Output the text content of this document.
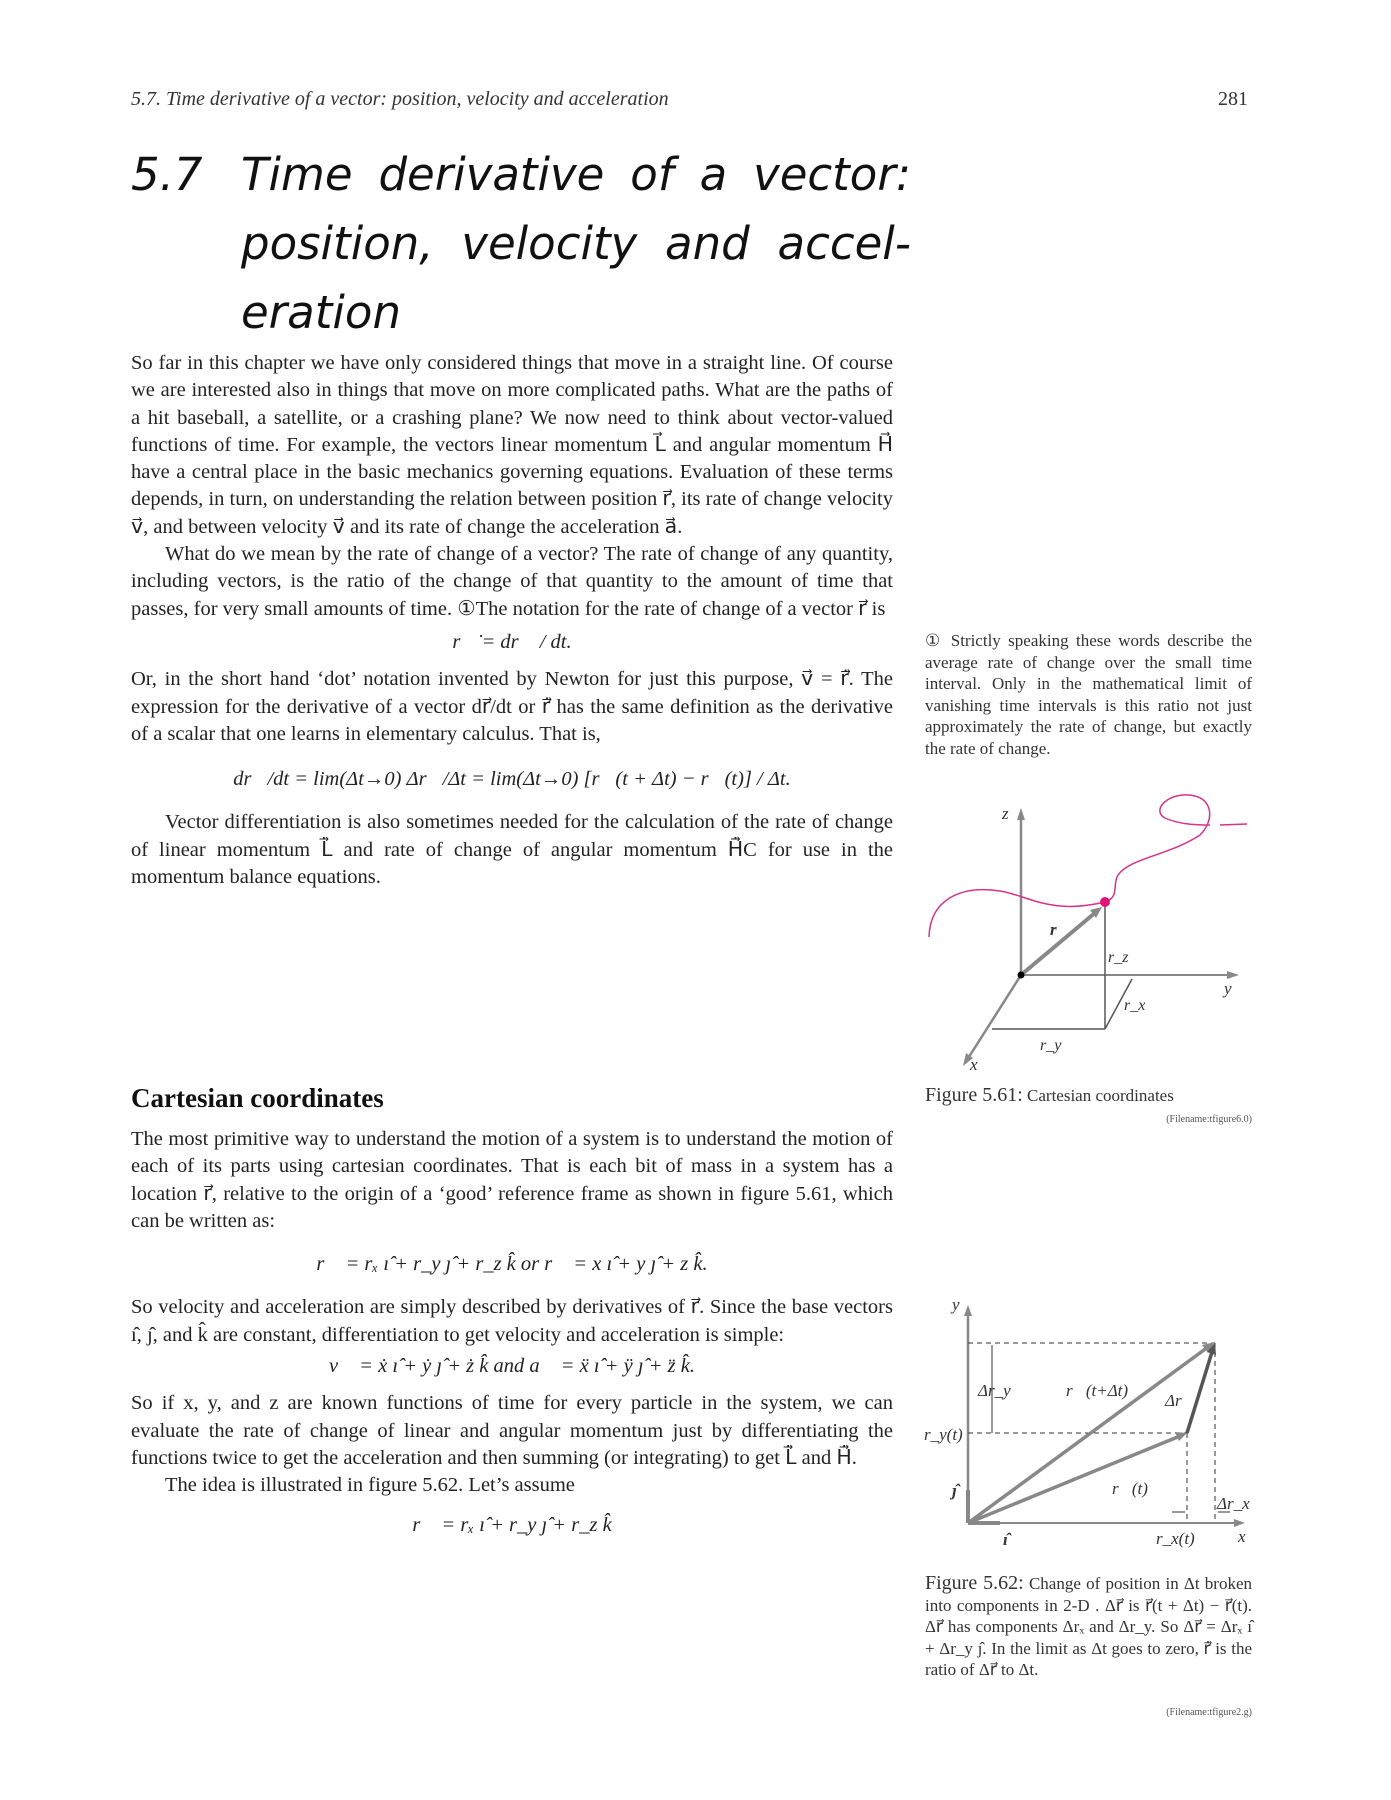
5.7. Time derivative of a vector: position, velocity and acceleration	281
5.7 Time derivative of a vector: position, velocity and accel-eration

So far in this chapter we have only considered things that move in a straight line. Of course we are interested also in things that move on more complicated paths. What are the paths of a hit baseball, a satellite, or a crashing plane? We now need to think about vector-valued functions of time. For example, the vectors linear momentum L⃗ and angular momentum H⃗ have a central place in the basic mechanics governing equations. Evaluation of these terms depends, in turn, on understanding the relation between position r⃗, its rate of change velocity v⃗, and between velocity v⃗ and its rate of change the acceleration a⃗.

What do we mean by the rate of change of a vector? The rate of change of any quantity, including vectors, is the ratio of the change of that quantity to the amount of time that passes, for very small amounts of time. ①The notation for the rate of change of a vector r⃗ is

r⃗̇ = dr⃗ / dt.

Or, in the short hand ‘dot’ notation invented by Newton for just this purpose, v⃗ = r⃗̇. The expression for the derivative of a vector dr⃗/dt or r⃗̇ has the same definition as the derivative of a scalar that one learns in elementary calculus. That is,

dr⃗/dt = lim(Δt→0) Δr⃗/Δt = lim(Δt→0) [r⃗(t + Δt) − r⃗(t)] / Δt.

Vector differentiation is also sometimes needed for the calculation of the rate of change of linear momentum L⃗̇ and rate of change of angular momentum H⃗̇C for use in the momentum balance equations.

Cartesian coordinates

The most primitive way to understand the motion of a system is to understand the motion of each of its parts using cartesian coordinates. That is each bit of mass in a system has a location r⃗, relative to the origin of a ‘good’ reference frame as shown in figure 5.61, which can be written as:

r⃗ = rₓ ı̂ + r_y ȷ̂ + r_z k̂ or r⃗ = x ı̂ + y ȷ̂ + z k̂.

So velocity and acceleration are simply described by derivatives of r⃗. Since the base vectors ı̂, ȷ̂, and k̂ are constant, differentiation to get velocity and acceleration is simple:

v⃗ = ẋ ı̂ + ẏ ȷ̂ + ż k̂ and a⃗ = ẍ ı̂ + ÿ ȷ̂ + z̈ k̂.

So if x, y, and z are known functions of time for every particle in the system, we can evaluate the rate of change of linear and angular momentum just by differentiating the functions twice to get the acceleration and then summing (or integrating) to get L⃗̇ and H⃗̇.

The idea is illustrated in figure 5.62. Let’s assume

r⃗ = rₓ ı̂ + r_y ȷ̂ + r_z k̂

① Strictly speaking these words describe the average rate of change over the small time interval. Only in the mathematical limit of vanishing time intervals is this ratio not just approximately the rate of change, but exactly the rate of change.
z
y
x
r⃗
r_z
r_x
r_y
Figure 5.61: Cartesian coordinates
(Filename:tfigure6.0)
y
x
Δr_y	r⃗(t+Δt)
Δr⃗
r_y(t)
r⃗(t)
ȷ̂
ı̂	r_x(t)
Δr_x
Figure 5.62: Change of position in Δt broken into components in 2-D . Δr⃗ is r⃗(t + Δt) − r⃗(t). Δr⃗ has components Δrₓ and Δr_y. So Δr⃗ = Δrₓ ı̂ + Δr_y ȷ̂. In the limit as Δt goes to zero, r⃗̇ is the ratio of Δr⃗ to Δt.
(Filename:tfigure2.g)
